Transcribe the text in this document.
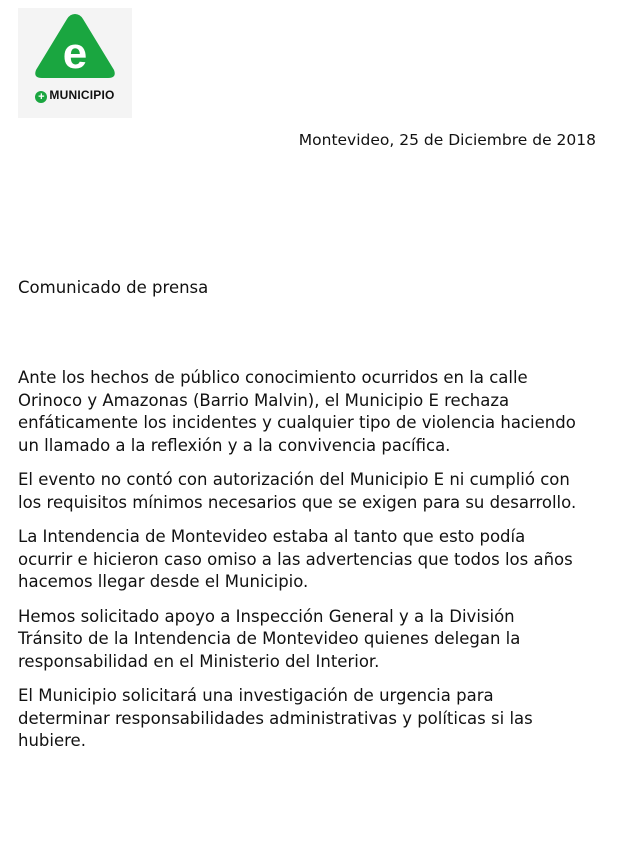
e
+ MUNICIPIO
Montevideo, 25 de Diciembre de 2018
Comunicado de prensa

Ante los hechos de público conocimiento ocurridos en la calle Orinoco y Amazonas (Barrio Malvin), el Municipio E rechaza enfáticamente los incidentes y cualquier tipo de violencia haciendo un llamado a la reflexión y a la convivencia pacífica.

El evento no contó con autorización del Municipio E ni cumplió con los requisitos mínimos necesarios que se exigen para su desarrollo.

La Intendencia de Montevideo estaba al tanto que esto podía ocurrir e hicieron caso omiso a las advertencias que todos los años hacemos llegar desde el Municipio.

Hemos solicitado apoyo a Inspección General y a la División Tránsito de la Intendencia de Montevideo quienes delegan la responsabilidad en el Ministerio del Interior.

El Municipio solicitará una investigación de urgencia para determinar responsabilidades administrativas y políticas si las hubiere.
